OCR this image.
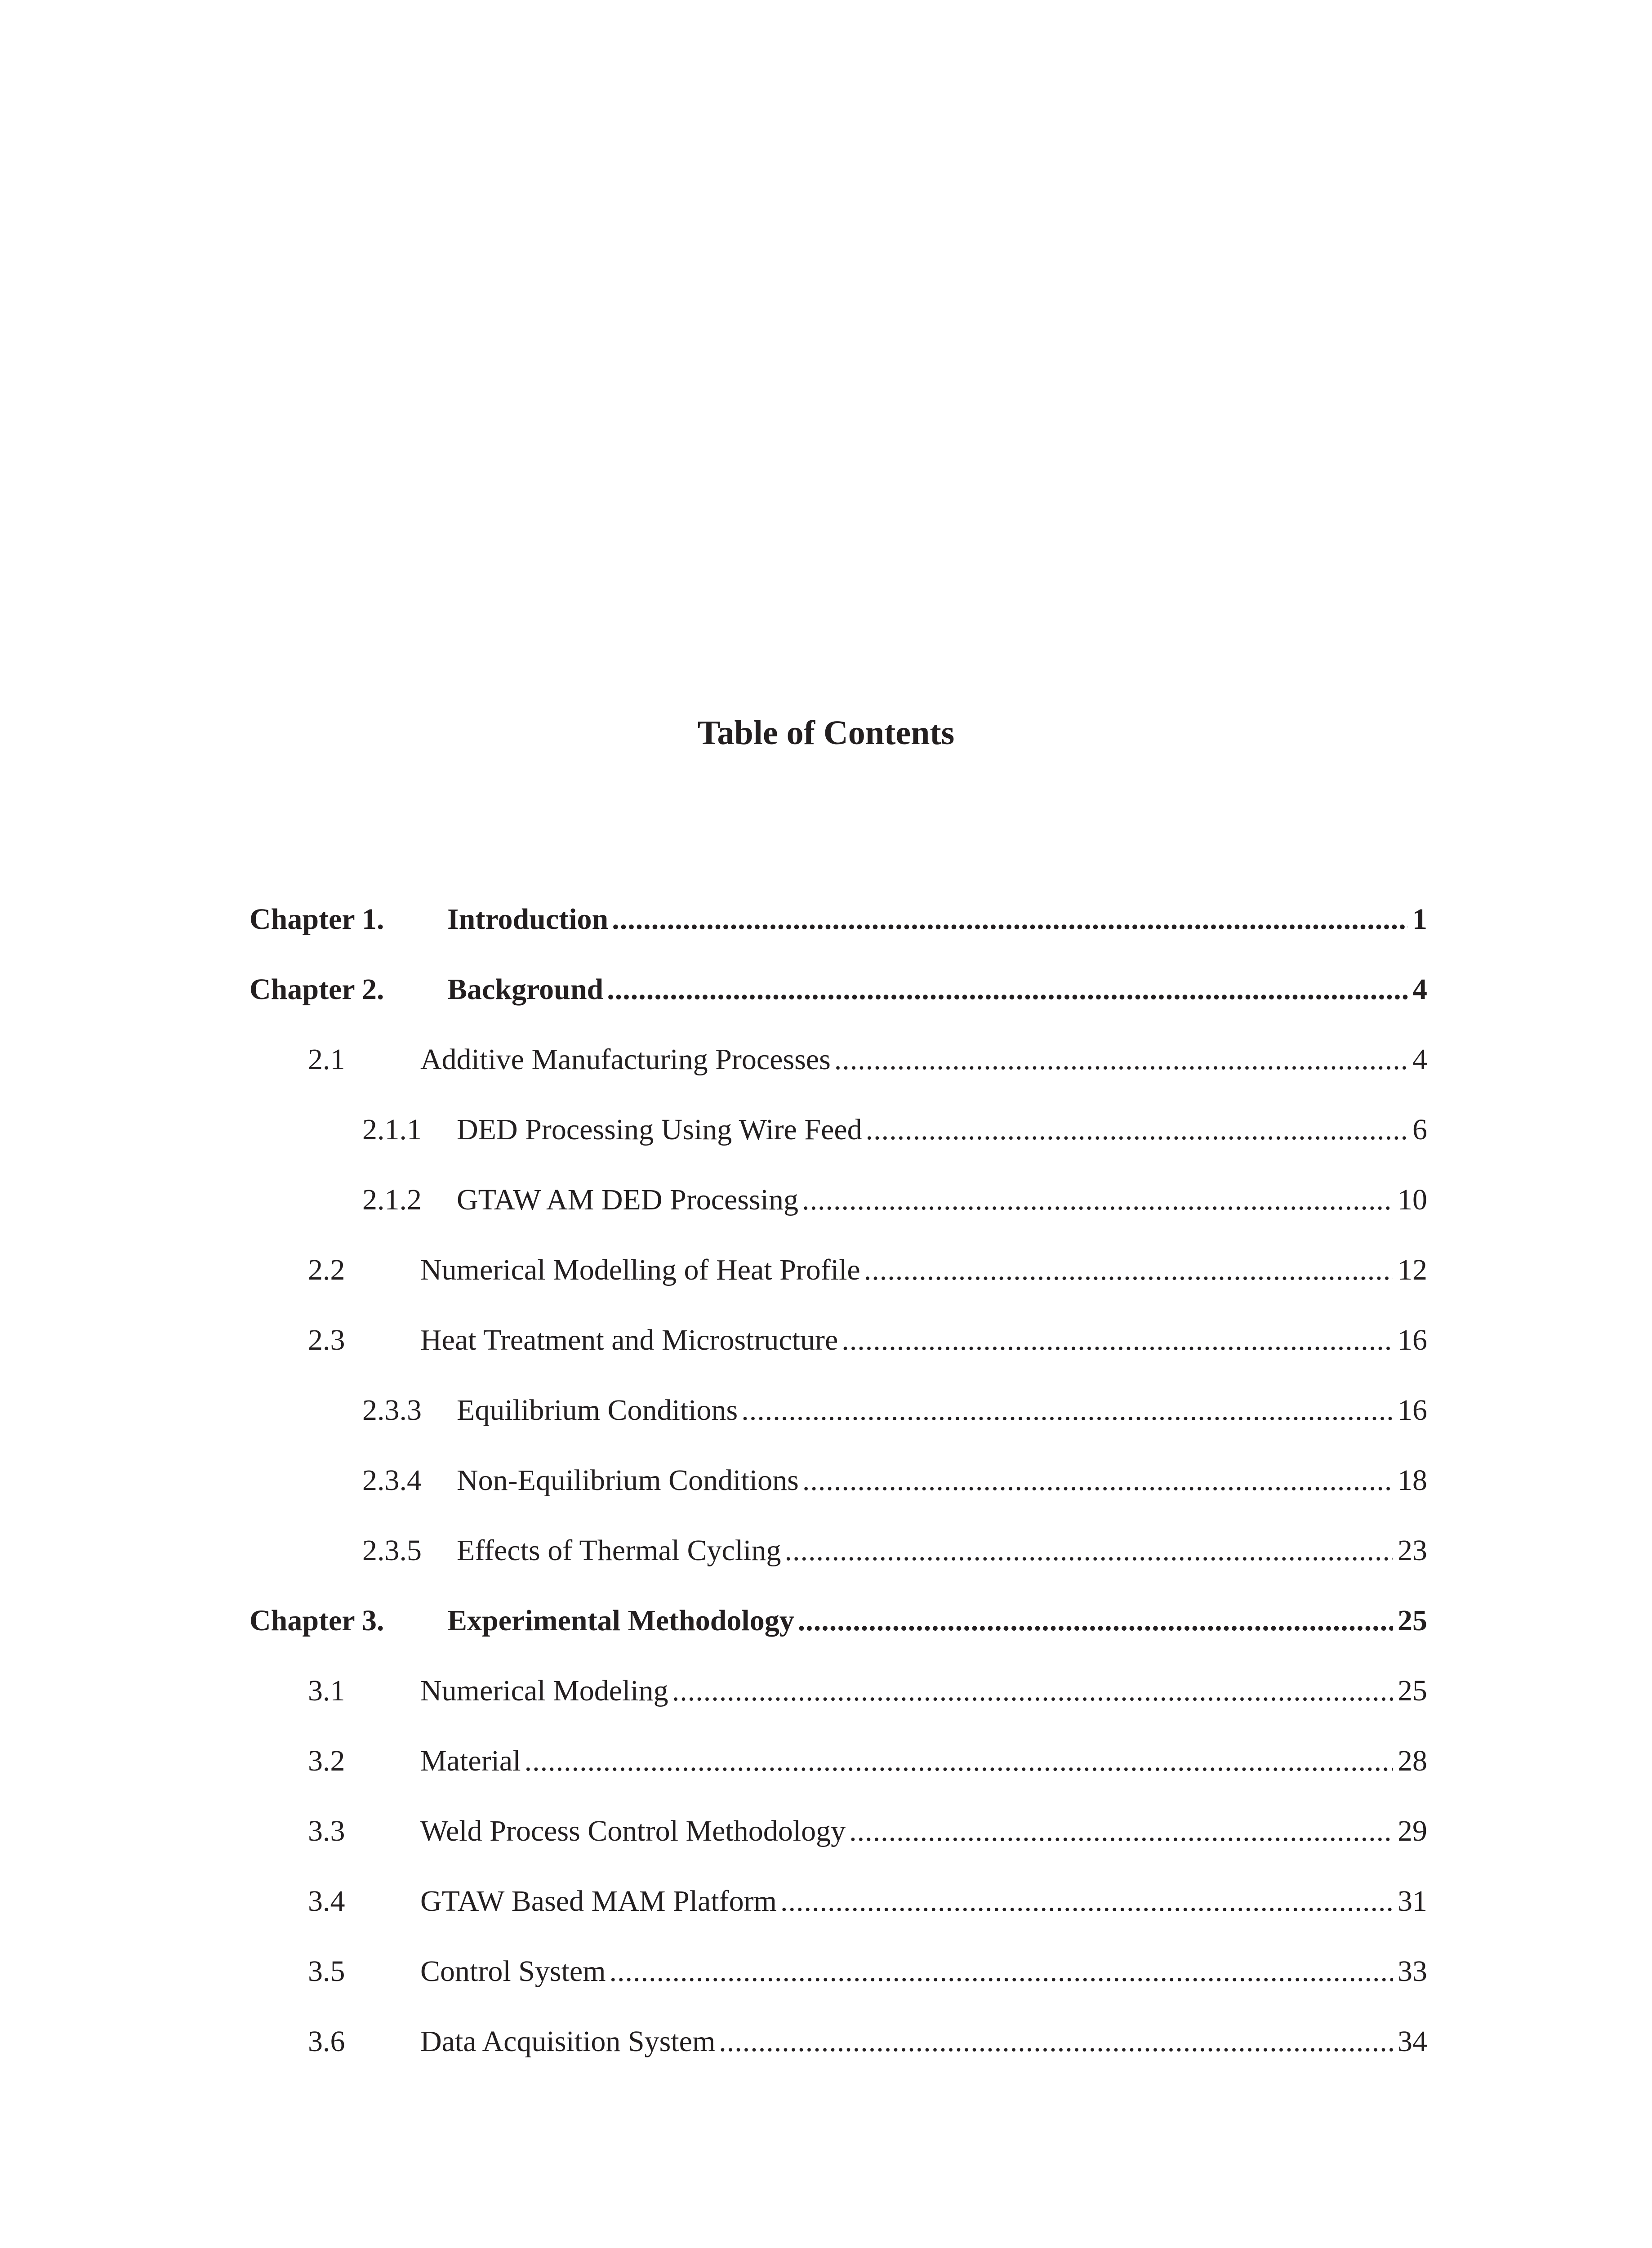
Table of Contents
Chapter 1.	Introduction .....	1
Chapter 2.	Background .....	4
2.1	Additive Manufacturing Processes .....	4
2.1.1	DED Processing Using Wire Feed .....	6
2.1.2	GTAW AM DED Processing .....	10
2.2	Numerical Modelling of Heat Profile .....	12
2.3	Heat Treatment and Microstructure .....	16
2.3.3	Equilibrium Conditions .....	16
2.3.4	Non-Equilibrium Conditions .....	18
2.3.5	Effects of Thermal Cycling .....	23
Chapter 3.	Experimental Methodology .....	25
3.1	Numerical Modeling .....	25
3.2	Material .....	28
3.3	Weld Process Control Methodology .....	29
3.4	GTAW Based MAM Platform .....	31
3.5	Control System .....	33
3.6	Data Acquisition System .....	34
